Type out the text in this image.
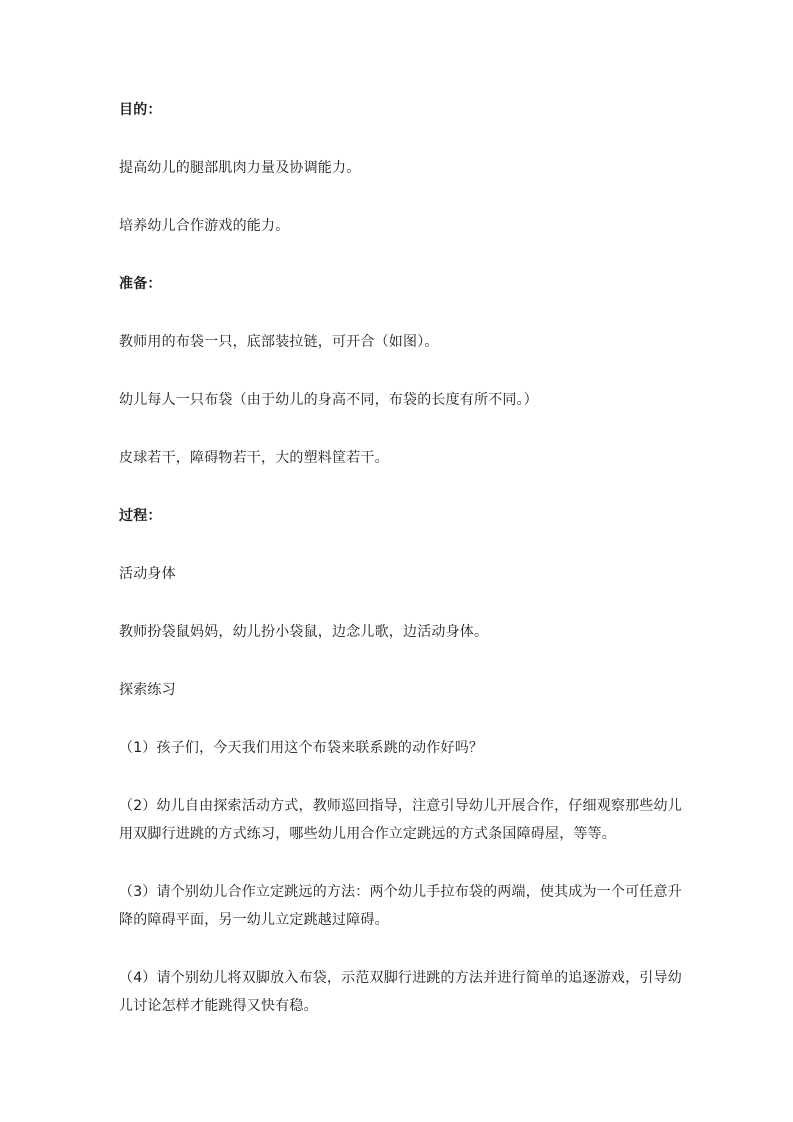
目的：
提高幼儿的腿部肌肉力量及协调能力。
培养幼儿合作游戏的能力。
准备：
教师用的布袋一只，底部装拉链，可开合（如图）。
幼儿每人一只布袋（由于幼儿的身高不同，布袋的长度有所不同。）
皮球若干，障碍物若干，大的塑料筐若干。
过程：
活动身体
教师扮袋鼠妈妈，幼儿扮小袋鼠，边念儿歌，边活动身体。
探索练习
（1）孩子们，今天我们用这个布袋来联系跳的动作好吗？
（2）幼儿自由探索活动方式，教师巡回指导，注意引导幼儿开展合作，仔细观察那些幼儿用双脚行进跳的方式练习，哪些幼儿用合作立定跳远的方式条国障碍屋，等等。
（3）请个别幼儿合作立定跳远的方法：两个幼儿手拉布袋的两端，使其成为一个可任意升降的障碍平面，另一幼儿立定跳越过障碍。
（4）请个别幼儿将双脚放入布袋，示范双脚行进跳的方法并进行简单的追逐游戏，引导幼儿讨论怎样才能跳得又快有稳。
